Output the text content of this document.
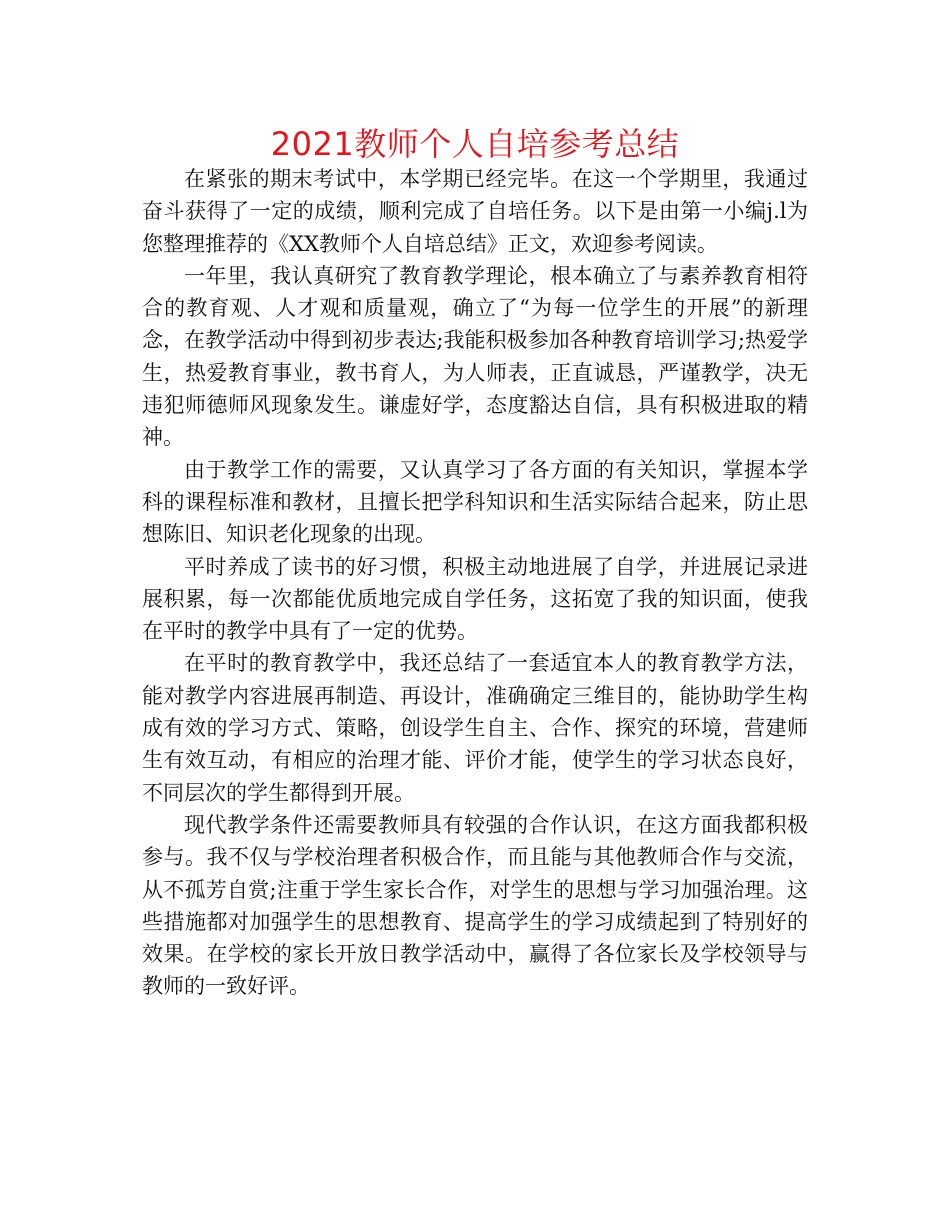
2021教师个人自培参考总结

在紧张的期末考试中，本学期已经完毕。在这一个学期里，我通过奋斗获得了一定的成绩，顺利完成了自培任务。以下是由第一小编j.l为您整理推荐的《XX教师个人自培总结》正文，欢迎参考阅读。

一年里，我认真研究了教育教学理论，根本确立了与素养教育相符合的教育观、人才观和质量观，确立了“为每一位学生的开展”的新理念，在教学活动中得到初步表达;我能积极参加各种教育培训学习;热爱学生，热爱教育事业，教书育人，为人师表，正直诚恳，严谨教学，决无违犯师德师风现象发生。谦虚好学，态度豁达自信，具有积极进取的精神。

由于教学工作的需要，又认真学习了各方面的有关知识，掌握本学科的课程标准和教材，且擅长把学科知识和生活实际结合起来，防止思想陈旧、知识老化现象的出现。

平时养成了读书的好习惯，积极主动地进展了自学，并进展记录进展积累，每一次都能优质地完成自学任务，这拓宽了我的知识面，使我在平时的教学中具有了一定的优势。

在平时的教育教学中，我还总结了一套适宜本人的教育教学方法，能对教学内容进展再制造、再设计，准确确定三维目的，能协助学生构成有效的学习方式、策略，创设学生自主、合作、探究的环境，营建师生有效互动，有相应的治理才能、评价才能，使学生的学习状态良好，不同层次的学生都得到开展。

现代教学条件还需要教师具有较强的合作认识，在这方面我都积极参与。我不仅与学校治理者积极合作，而且能与其他教师合作与交流，从不孤芳自赏;注重于学生家长合作，对学生的思想与学习加强治理。这些措施都对加强学生的思想教育、提高学生的学习成绩起到了特别好的效果。在学校的家长开放日教学活动中，赢得了各位家长及学校领导与教师的一致好评。
